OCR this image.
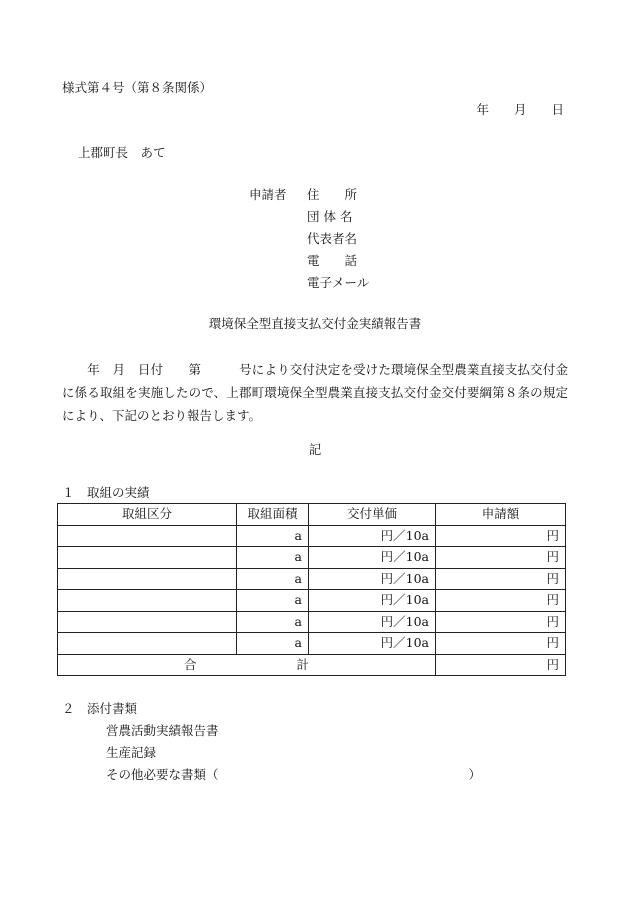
様式第４号（第８条関係）
年　　月　　日
上郡町長　あて
申請者 住　　所
団 体 名
代表者名
電　　話
電子メール
環境保全型直接支払交付金実績報告書
　　年　月　日付　　第　　　号により交付決定を受けた環境保全型農業直接支払交付金に係る取組を実施したので、上郡町環境保全型農業直接支払交付金交付要綱第８条の規定により、下記のとおり報告します。
記
１　取組の実績
取組区分	取組面積	交付単価	申請額
	a	円／10a	円
	a	円／10a	円
	a	円／10a	円
	a	円／10a	円
	a	円／10a	円
	a	円／10a	円
合　　　　　　　　計			円
２　添付書類
営農活動実績報告書
生産記録
その他必要な書類（　　　　　　　　　　　　　　　　　　　　）
